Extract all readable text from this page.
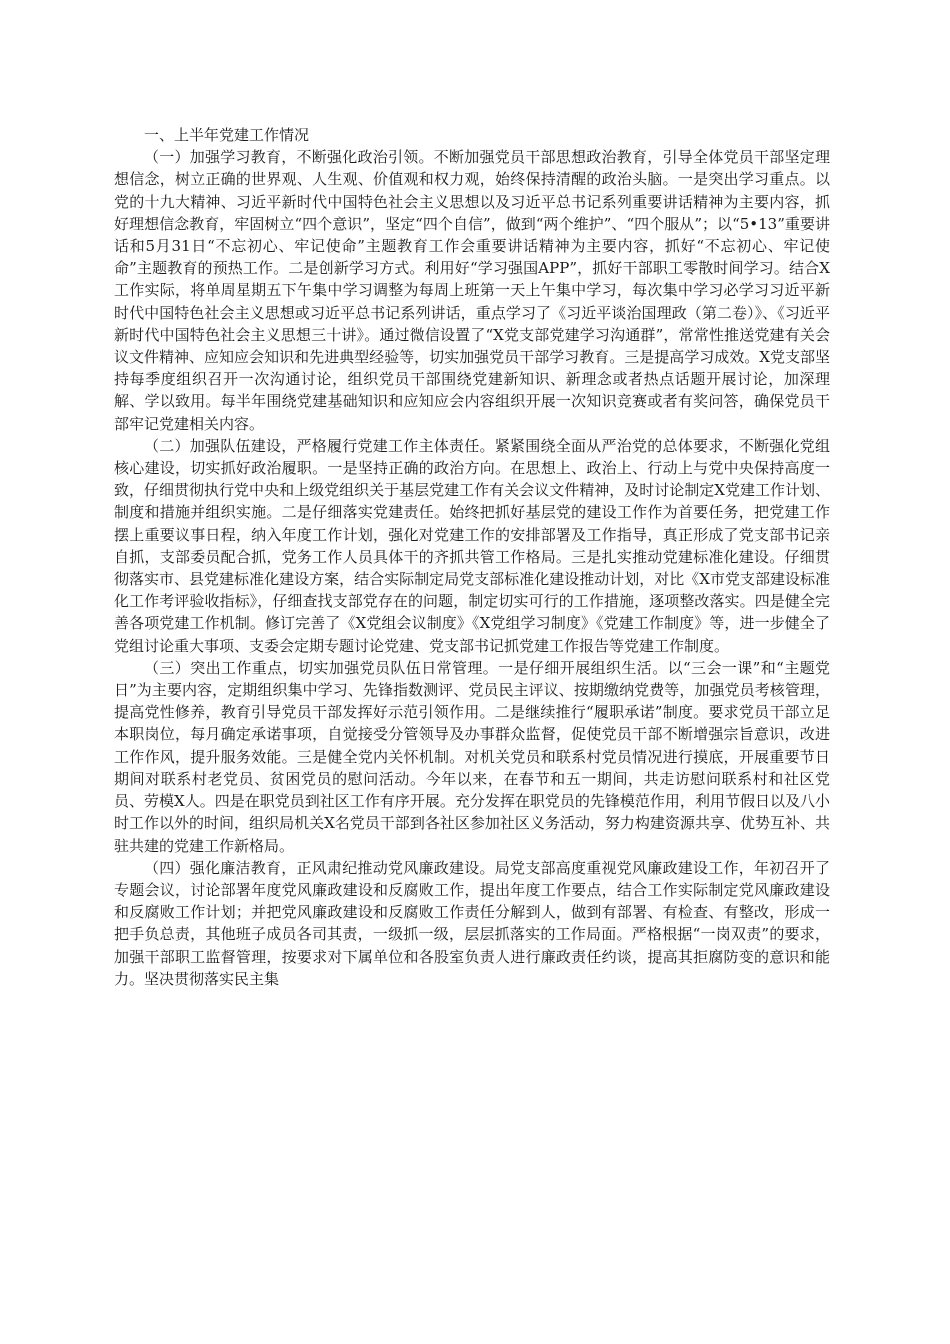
一、上半年党建工作情况

（一）加强学习教育，不断强化政治引领。不断加强党员干部思想政治教育，引导全体党员干部坚定理想信念，树立正确的世界观、人生观、价值观和权力观，始终保持清醒的政治头脑。一是突出学习重点。以党的十九大精神、习近平新时代中国特色社会主义思想以及习近平总书记系列重要讲话精神为主要内容，抓好理想信念教育，牢固树立“四个意识”，坚定“四个自信”，做到“两个维护”、“四个服从”；以“5•13”重要讲话和5月31日“不忘初心、牢记使命”主题教育工作会重要讲话精神为主要内容，抓好“不忘初心、牢记使命”主题教育的预热工作。二是创新学习方式。利用好“学习强国APP”，抓好干部职工零散时间学习。结合X工作实际，将单周星期五下午集中学习调整为每周上班第一天上午集中学习，每次集中学习必学习习近平新时代中国特色社会主义思想或习近平总书记系列讲话，重点学习了《习近平谈治国理政（第二卷）》、《习近平新时代中国特色社会主义思想三十讲》。通过微信设置了“X党支部党建学习沟通群”，常常性推送党建有关会议文件精神、应知应会知识和先进典型经验等，切实加强党员干部学习教育。三是提高学习成效。X党支部坚持每季度组织召开一次沟通讨论，组织党员干部围绕党建新知识、新理念或者热点话题开展讨论，加深理解、学以致用。每半年围绕党建基础知识和应知应会内容组织开展一次知识竞赛或者有奖问答，确保党员干部牢记党建相关内容。

（二）加强队伍建设，严格履行党建工作主体责任。紧紧围绕全面从严治党的总体要求，不断强化党组核心建设，切实抓好政治履职。一是坚持正确的政治方向。在思想上、政治上、行动上与党中央保持高度一致，仔细贯彻执行党中央和上级党组织关于基层党建工作有关会议文件精神，及时讨论制定X党建工作计划、制度和措施并组织实施。二是仔细落实党建责任。始终把抓好基层党的建设工作作为首要任务，把党建工作摆上重要议事日程，纳入年度工作计划，强化对党建工作的安排部署及工作指导，真正形成了党支部书记亲自抓，支部委员配合抓，党务工作人员具体干的齐抓共管工作格局。三是扎实推动党建标准化建设。仔细贯彻落实市、县党建标准化建设方案，结合实际制定局党支部标准化建设推动计划，对比《X市党支部建设标准化工作考评验收指标》，仔细查找支部党存在的问题，制定切实可行的工作措施，逐项整改落实。四是健全完善各项党建工作机制。修订完善了《X党组会议制度》《X党组学习制度》《党建工作制度》等，进一步健全了党组讨论重大事项、支委会定期专题讨论党建、党支部书记抓党建工作报告等党建工作制度。

（三）突出工作重点，切实加强党员队伍日常管理。一是仔细开展组织生活。以“三会一课”和“主题党日”为主要内容，定期组织集中学习、先锋指数测评、党员民主评议、按期缴纳党费等，加强党员考核管理，提高党性修养，教育引导党员干部发挥好示范引领作用。二是继续推行“履职承诺”制度。要求党员干部立足本职岗位，每月确定承诺事项，自觉接受分管领导及办事群众监督，促使党员干部不断增强宗旨意识，改进工作作风，提升服务效能。三是健全党内关怀机制。对机关党员和联系村党员情况进行摸底，开展重要节日期间对联系村老党员、贫困党员的慰问活动。今年以来，在春节和五一期间，共走访慰问联系村和社区党员、劳模X人。四是在职党员到社区工作有序开展。充分发挥在职党员的先锋模范作用，利用节假日以及八小时工作以外的时间，组织局机关X名党员干部到各社区参加社区义务活动，努力构建资源共享、优势互补、共驻共建的党建工作新格局。

（四）强化廉洁教育，正风肃纪推动党风廉政建设。局党支部高度重视党风廉政建设工作，年初召开了专题会议，讨论部署年度党风廉政建设和反腐败工作，提出年度工作要点，结合工作实际制定党风廉政建设和反腐败工作计划；并把党风廉政建设和反腐败工作责任分解到人，做到有部署、有检查、有整改，形成一把手负总责，其他班子成员各司其责，一级抓一级，层层抓落实的工作局面。严格根据“一岗双责”的要求，加强干部职工监督管理，按要求对下属单位和各股室负责人进行廉政责任约谈，提高其拒腐防变的意识和能力。坚决贯彻落实民主集
